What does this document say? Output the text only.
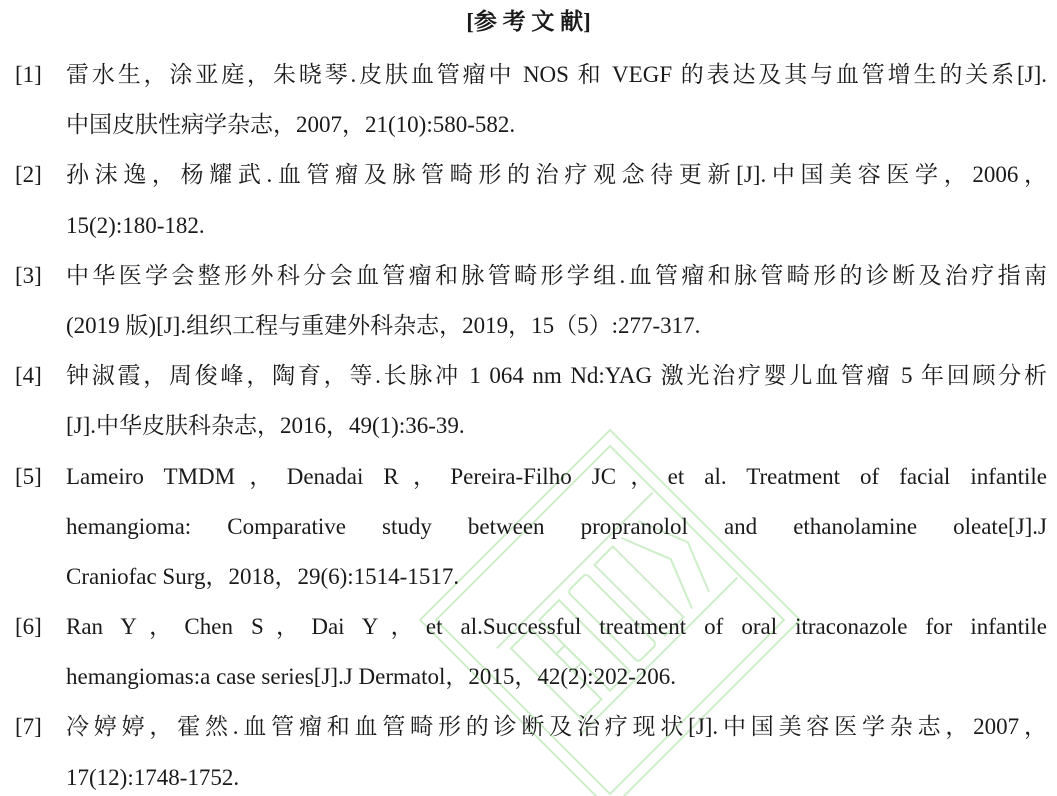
[参 考 文 献]
[1] 雷水生，涂亚庭，朱晓琴.皮肤血管瘤中 NOS 和 VEGF 的表达及其与血管增生的关系[J].
中国皮肤性病学杂志，2007，21(10):580-582.
[2] 孙沫逸，杨耀武.血管瘤及脉管畸形的治疗观念待更新[J].中国美容医学，2006，
15(2):180-182.
[3] 中华医学会整形外科分会血管瘤和脉管畸形学组.血管瘤和脉管畸形的诊断及治疗指南
(2019 版)[J].组织工程与重建外科杂志，2019，15（5）:277-317.
[4] 钟淑霞，周俊峰，陶育，等.长脉冲 1 064 nm Nd:YAG 激光治疗婴儿血管瘤 5 年回顾分析
[J].中华皮肤科杂志，2016，49(1):36-39.
[5] Lameiro TMDM，Denadai R，Pereira-Filho JC，et al. Treatment of facial infantile
hemangioma: Comparative study between propranolol and ethanolamine oleate[J].J
Craniofac Surg，2018，29(6):1514-1517.
[6] Ran Y，Chen S，Dai Y，et al.Successful treatment of oral itraconazole for infantile
hemangiomas:a case series[J].J Dermatol，2015，42(2):202-206.
[7] 冷婷婷，霍然.血管瘤和血管畸形的诊断及治疗现状[J].中国美容医学杂志，2007，
17(12):1748-1752.
